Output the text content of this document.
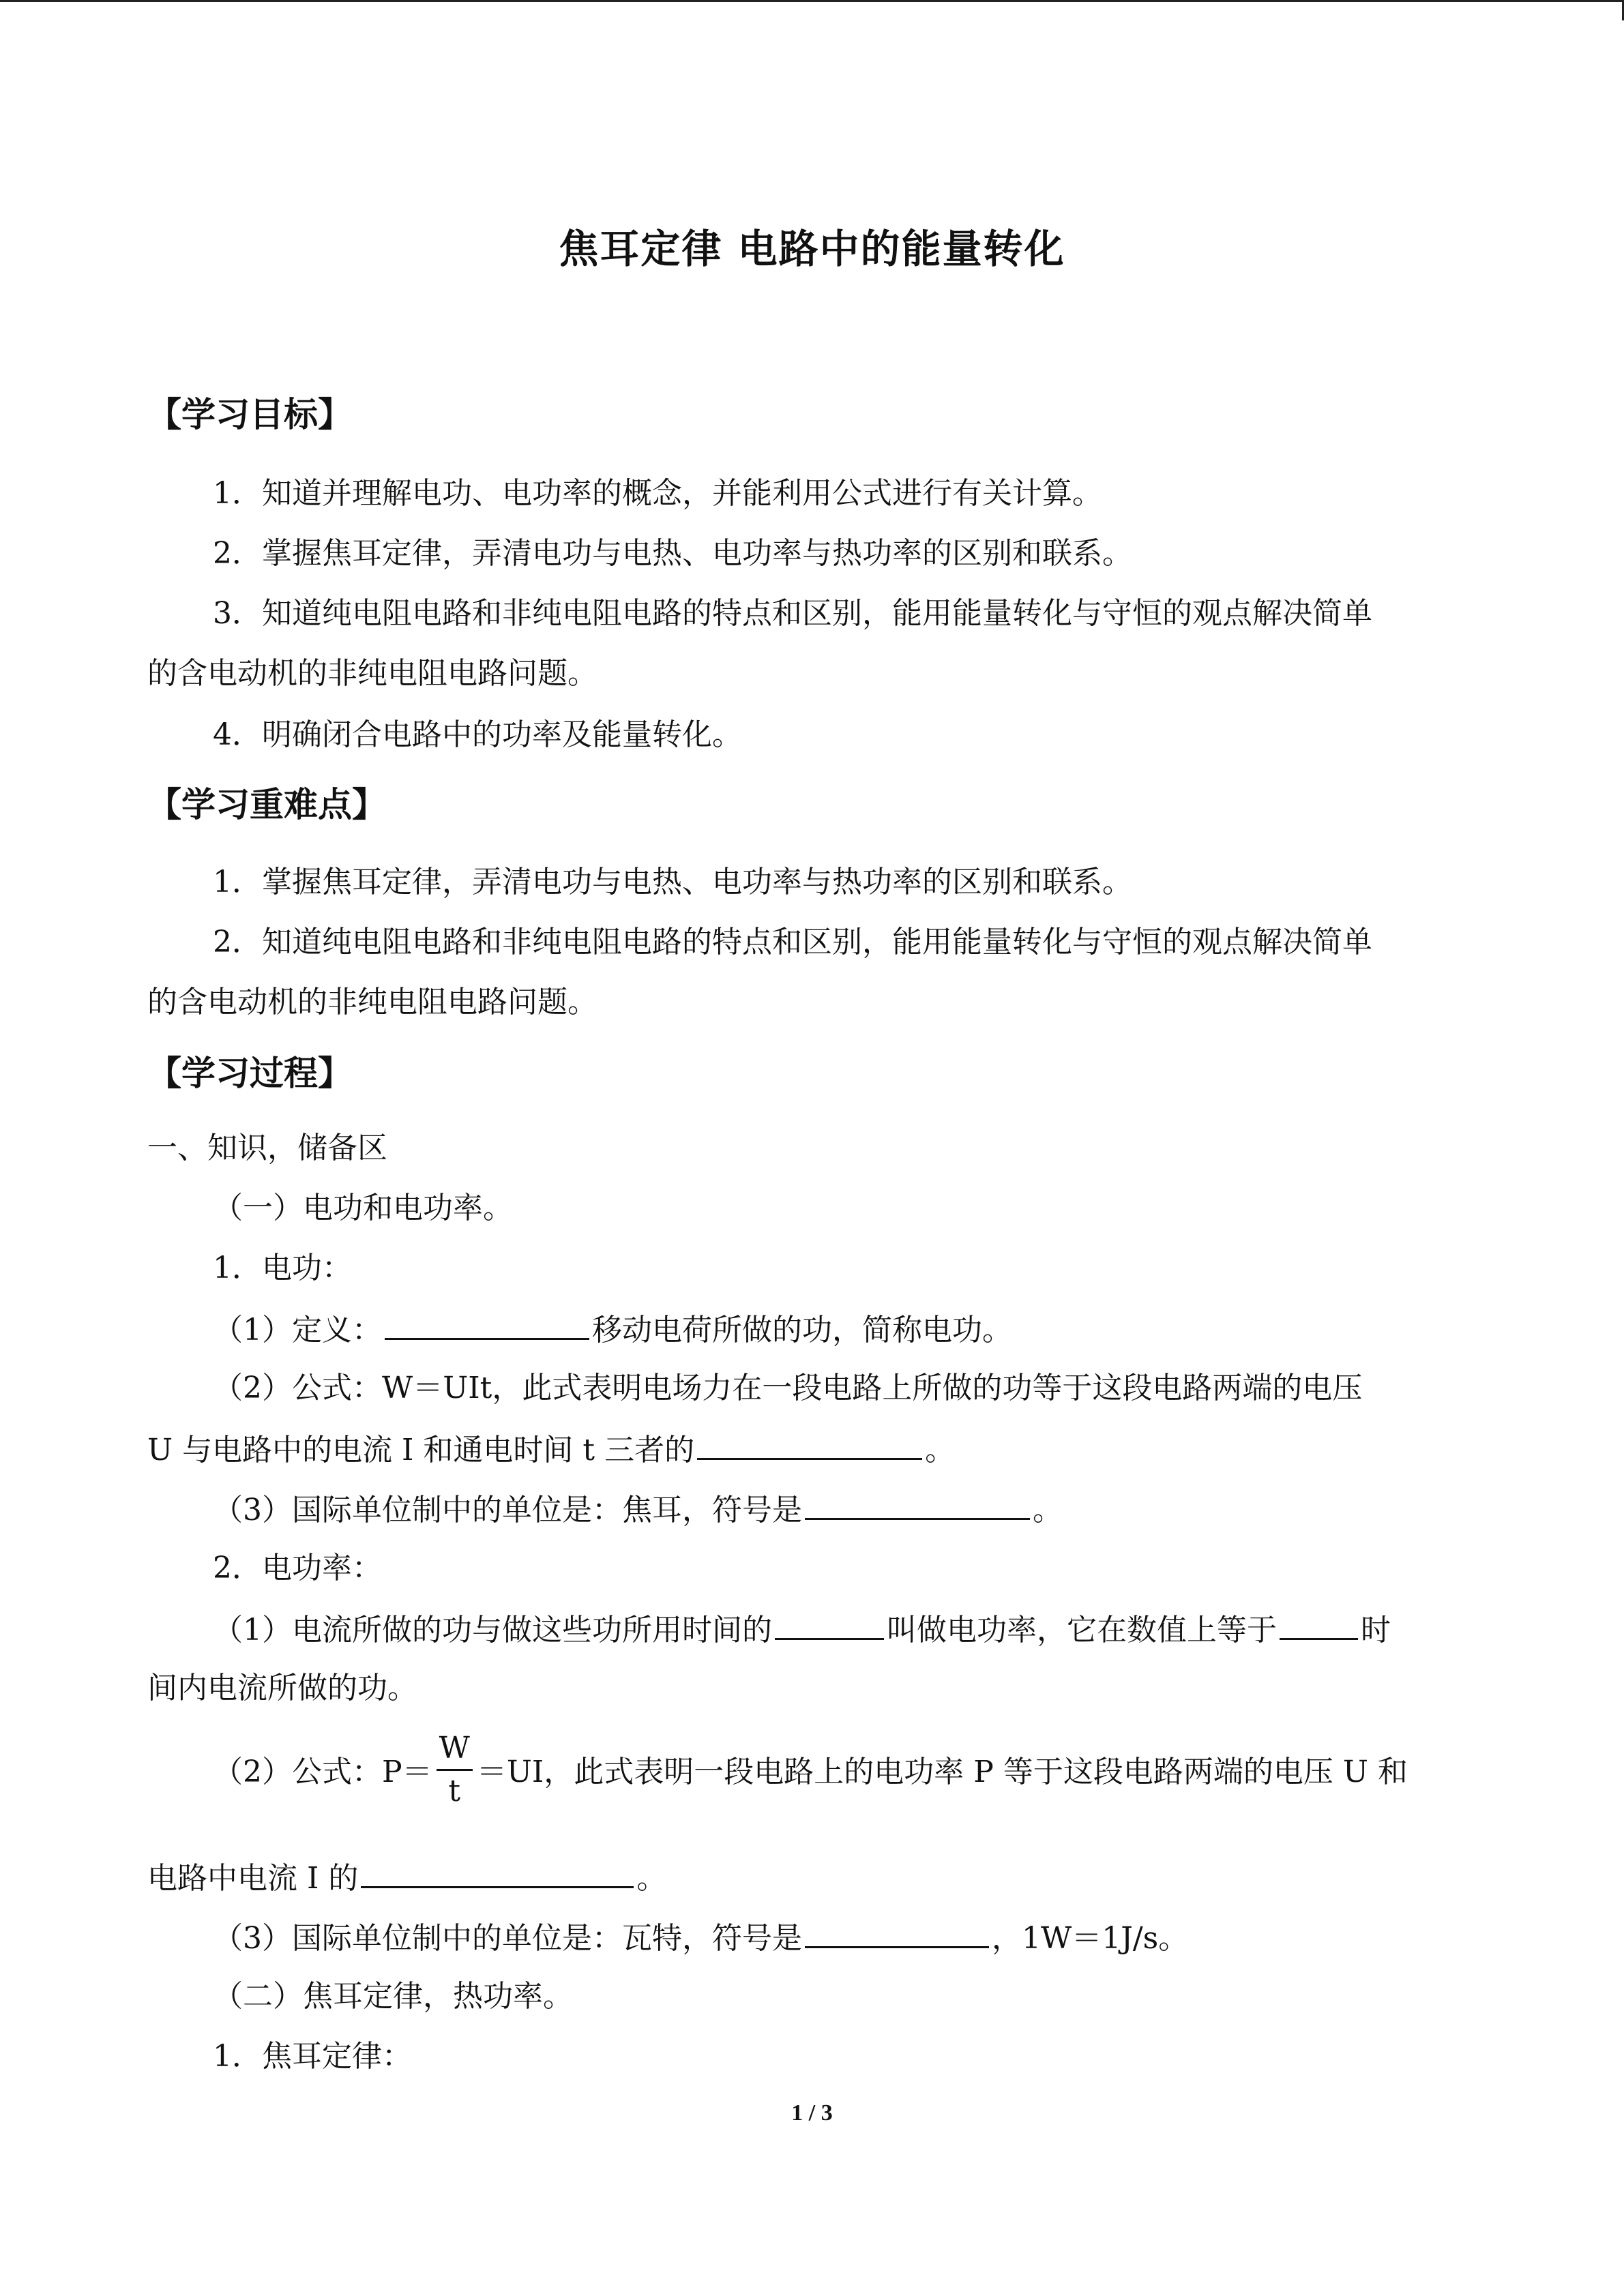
焦耳定律 电路中的能量转化
【学习目标】
1．知道并理解电功、电功率的概念，并能利用公式进行有关计算。
2．掌握焦耳定律，弄清电功与电热、电功率与热功率的区别和联系。
3．知道纯电阻电路和非纯电阻电路的特点和区别，能用能量转化与守恒的观点解决简单
的含电动机的非纯电阻电路问题。
4．明确闭合电路中的功率及能量转化。
【学习重难点】
1．掌握焦耳定律，弄清电功与电热、电功率与热功率的区别和联系。
2．知道纯电阻电路和非纯电阻电路的特点和区别，能用能量转化与守恒的观点解决简单
的含电动机的非纯电阻电路问题。
【学习过程】
一、知识，储备区
（一）电功和电功率。
1．电功：
（1）定义：	移动电荷所做的功，简称电功。
（2）公式：W＝UIt，此式表明电场力在一段电路上所做的功等于这段电路两端的电压
U 与电路中的电流 I 和通电时间 t 三者的	。
（3）国际单位制中的单位是：焦耳，符号是	。
2．电功率：
（1）电流所做的功与做这些功所用时间的	叫做电功率，它在数值上等于	时
间内电流所做的功。
（2）公式：$P= \frac{W}{t} =UI$，此式表明一段电路上的电功率 P 等于这段电路两端的电压 U 和
电路中电流 I 的	。
（3）国际单位制中的单位是：瓦特，符号是	，1W＝1J/s。
（二）焦耳定律，热功率。
1．焦耳定律：
1 / 3
